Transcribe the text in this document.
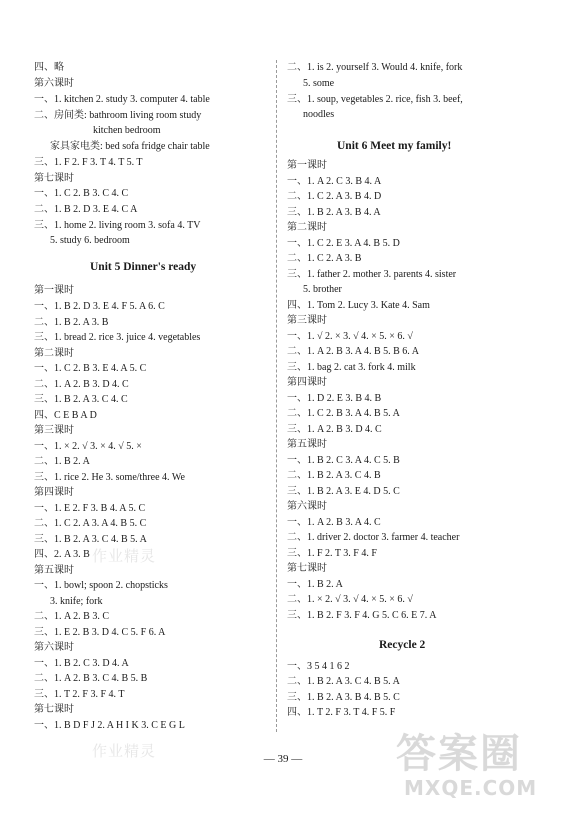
四、略
第六课时
一、1. kitchen 2. study 3. computer 4. table
二、房间类: bathroom living room study
kitchen bedroom
家具家电类: bed sofa fridge chair table
三、1. F 2. F 3. T 4. T 5. T
第七课时
一、1. C 2. B 3. C 4. C
二、1. B 2. D 3. E 4. C A
三、1. home 2. living room 3. sofa 4. TV
5. study 6. bedroom
Unit 5 Dinner's ready
第一课时
一、1. B 2. D 3. E 4. F 5. A 6. C
二、1. B 2. A 3. B
三、1. bread 2. rice 3. juice 4. vegetables
第二课时
一、1. C 2. B 3. E 4. A 5. C
二、1. A 2. B 3. D 4. C
三、1. B 2. A 3. C 4. C
四、C E B A D
第三课时
一、1. × 2. √ 3. × 4. √ 5. ×
二、1. B 2. A
三、1. rice 2. He 3. some/three 4. We
第四课时
一、1. E 2. F 3. B 4. A 5. C
二、1. C 2. A 3. A 4. B 5. C
三、1. B 2. A 3. C 4. B 5. A
四、2. A 3. B
第五课时
一、1. bowl; spoon 2. chopsticks
3. knife; fork
二、1. A 2. B 3. C
三、1. E 2. B 3. D 4. C 5. F 6. A
第六课时
一、1. B 2. C 3. D 4. A
二、1. A 2. B 3. C 4. B 5. B
三、1. T 2. F 3. F 4. T
第七课时
一、1. B D F J 2. A H I K 3. C E G L
二、1. is 2. yourself 3. Would 4. knife, fork
5. some
三、1. soup, vegetables 2. rice, fish 3. beef,
noodles
Unit 6 Meet my family!
第一课时
一、1. A 2. C 3. B 4. A
二、1. C 2. A 3. B 4. D
三、1. B 2. A 3. B 4. A
第二课时
一、1. C 2. E 3. A 4. B 5. D
二、1. C 2. A 3. B
三、1. father 2. mother 3. parents 4. sister
5. brother
四、1. Tom 2. Lucy 3. Kate 4. Sam
第三课时
一、1. √ 2. × 3. √ 4. × 5. × 6. √
二、1. A 2. B 3. A 4. B 5. B 6. A
三、1. bag 2. cat 3. fork 4. milk
第四课时
一、1. D 2. E 3. B 4. B
二、1. C 2. B 3. A 4. B 5. A
三、1. A 2. B 3. D 4. C
第五课时
一、1. B 2. C 3. A 4. C 5. B
二、1. B 2. A 3. C 4. B
三、1. B 2. A 3. E 4. D 5. C
第六课时
一、1. A 2. B 3. A 4. C
二、1. driver 2. doctor 3. farmer 4. teacher
三、1. F 2. T 3. F 4. F
第七课时
一、1. B 2. A
二、1. × 2. √ 3. √ 4. × 5. × 6. √
三、1. B 2. F 3. F 4. G 5. C 6. E 7. A
Recycle 2
一、3 5 4 1 6 2
二、1. B 2. A 3. C 4. B 5. A
三、1. B 2. A 3. B 4. B 5. C
四、1. T 2. F 3. T 4. F 5. F
— 39 —
作业精灵
作业精灵	答案圈
MXQE.COM
